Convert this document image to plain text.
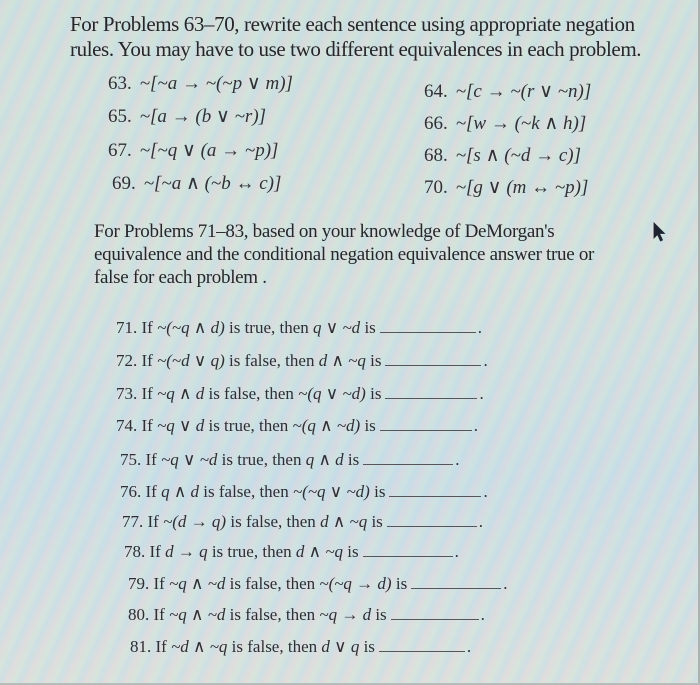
For Problems 63–70, rewrite each sentence using appropriate negation rules. You may have to use two different equivalences in each problem.
63. ~[~a → ~(~p ∨ m)]	64. ~[c → ~(r ∨ ~n)]
65. ~[a → (b ∨ ~r)]	66. ~[w → (~k ∧ h)]
67. ~[~q ∨ (a → ~p)]	68. ~[s ∧ (~d → c)]
69. ~[~a ∧ (~b ↔ c)]	70. ~[g ∨ (m ↔ ~p)]
For Problems 71–83, based on your knowledge of DeMorgan's equivalence and the conditional negation equivalence answer true or false for each problem .
71. If ~(~q ∧ d) is true, then q ∨ ~d is	.
72. If ~(~d ∨ q) is false, then d ∧ ~q is	.
73. If ~q ∧ d is false, then ~(q ∨ ~d) is	.
74. If ~q ∨ d is true, then ~(q ∧ ~d) is	.
75. If ~q ∨ ~d is true, then q ∧ d is	.
76. If q ∧ d is false, then ~(~q ∨ ~d) is	.
77. If ~(d → q) is false, then d ∧ ~q is	.
78. If d → q is true, then d ∧ ~q is	.
79. If ~q ∧ ~d is false, then ~(~q → d) is	.
80. If ~q ∧ ~d is false, then ~q → d is	.
81. If ~d ∧ ~q is false, then d ∨ q is	.
